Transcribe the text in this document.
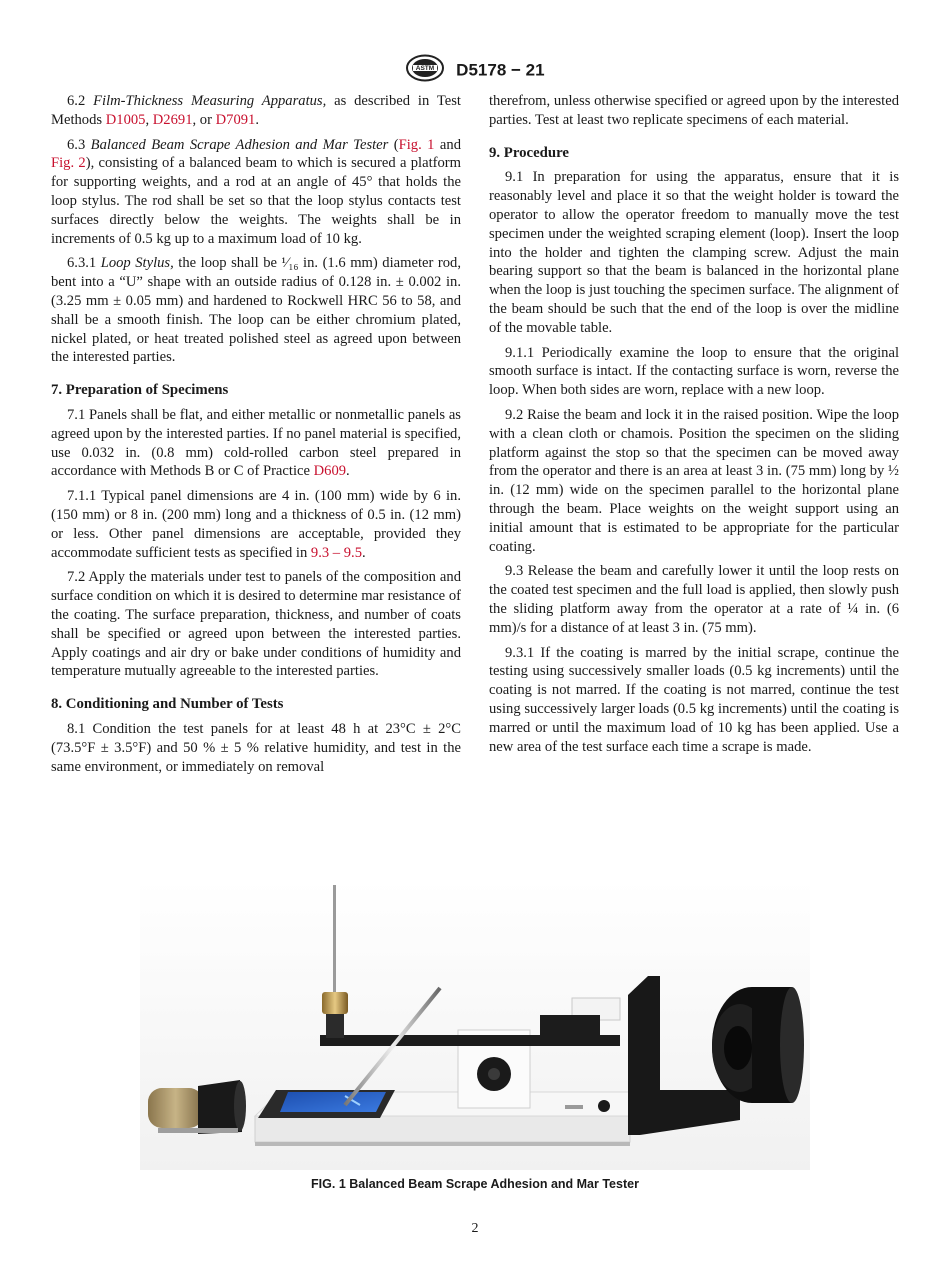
ASTM D5178 − 21

6.2 Film-Thickness Measuring Apparatus, as described in Test Methods D1005, D2691, or D7091.

6.3 Balanced Beam Scrape Adhesion and Mar Tester (Fig. 1 and Fig. 2), consisting of a balanced beam to which is secured a platform for supporting weights, and a rod at an angle of 45° that holds the loop stylus. The rod shall be set so that the loop stylus contacts test surfaces directly below the weights. The weights shall be in increments of 0.5 kg up to a maximum load of 10 kg.

6.3.1 Loop Stylus, the loop shall be ¹⁄₁₆ in. (1.6 mm) diameter rod, bent into a “U” shape with an outside radius of 0.128 in. ± 0.002 in. (3.25 mm ± 0.05 mm) and hardened to Rockwell HRC 56 to 58, and shall be a smooth finish. The loop can be either chromium plated, nickel plated, or heat treated polished steel as agreed upon between the interested parties.

7. Preparation of Specimens

7.1 Panels shall be flat, and either metallic or nonmetallic panels as agreed upon by the interested parties. If no panel material is specified, use 0.032 in. (0.8 mm) cold-rolled carbon steel prepared in accordance with Methods B or C of Practice D609.

7.1.1 Typical panel dimensions are 4 in. (100 mm) wide by 6 in. (150 mm) or 8 in. (200 mm) long and a thickness of 0.5 in. (12 mm) or less. Other panel dimensions are acceptable, provided they accommodate sufficient tests as specified in 9.3 – 9.5.

7.2 Apply the materials under test to panels of the composition and surface condition on which it is desired to determine mar resistance of the coating. The surface preparation, thickness, and number of coats shall be specified or agreed upon between the interested parties. Apply coatings and air dry or bake under conditions of humidity and temperature mutually agreeable to the interested parties.

8. Conditioning and Number of Tests

8.1 Condition the test panels for at least 48 h at 23°C ± 2°C (73.5°F ± 3.5°F) and 50 % ± 5 % relative humidity, and test in the same environment, or immediately on removal

therefrom, unless otherwise specified or agreed upon by the interested parties. Test at least two replicate specimens of each material.

9. Procedure

9.1 In preparation for using the apparatus, ensure that it is reasonably level and place it so that the weight holder is toward the operator to allow the operator freedom to manually move the test specimen under the weighted scraping element (loop). Insert the loop into the holder and tighten the clamping screw. Adjust the main bearing support so that the beam is balanced in the horizontal plane when the loop is just touching the specimen surface. The alignment of the beam should be such that the end of the loop is over the midline of the movable table.

9.1.1 Periodically examine the loop to ensure that the original smooth surface is intact. If the contacting surface is worn, reverse the loop. When both sides are worn, replace with a new loop.

9.2 Raise the beam and lock it in the raised position. Wipe the loop with a clean cloth or chamois. Position the specimen on the sliding platform against the stop so that the specimen can be moved away from the operator and there is an area at least 3 in. (75 mm) long by ½ in. (12 mm) wide on the specimen parallel to the horizontal plane through the beam. Place weights on the weight support using an initial amount that is estimated to be appropriate for the particular coating.

9.3 Release the beam and carefully lower it until the loop rests on the coated test specimen and the full load is applied, then slowly push the sliding platform away from the operator at a rate of ¼ in. (6 mm)/s for a distance of at least 3 in. (75 mm).

9.3.1 If the coating is marred by the initial scrape, continue the testing using successively smaller loads (0.5 kg increments) until the coating is not marred. If the coating is not marred, continue the test using successively larger loads (0.5 kg increments) until the coating is marred or until the maximum load of 10 kg has been applied. Use a new area of the test surface each time a scrape is made.

FIG. 1 Balanced Beam Scrape Adhesion and Mar Tester
2
